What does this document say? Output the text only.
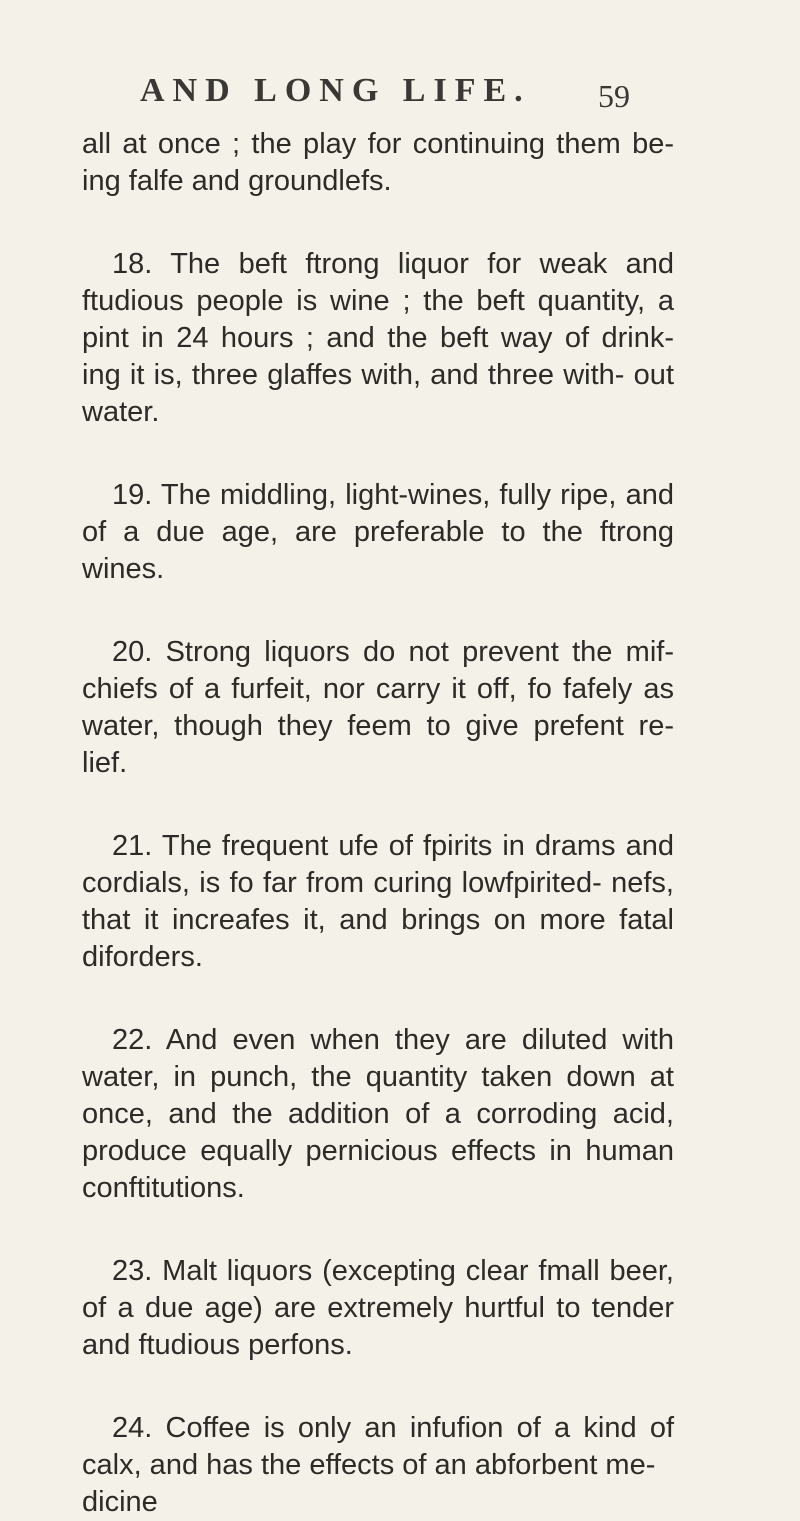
AND LONG LIFE. 59

all at once ; the play for continuing them be- ing falfe and groundlefs.

18. The beft ftrong liquor for weak and ftudious people is wine ; the beft quantity, a pint in 24 hours ; and the beft way of drink- ing it is, three glaffes with, and three with- out water.

19. The middling, light-wines, fully ripe, and of a due age, are preferable to the ftrong wines.

20. Strong liquors do not prevent the mif- chiefs of a furfeit, nor carry it off, fo fafely as water, though they feem to give prefent re- lief.

21. The frequent ufe of fpirits in drams and cordials, is fo far from curing lowfpirited- nefs, that it increafes it, and brings on more fatal diforders.

22. And even when they are diluted with water, in punch, the quantity taken down at once, and the addition of a corroding acid, produce equally pernicious effects in human conftitutions.

23. Malt liquors (excepting clear fmall beer, of a due age) are extremely hurtful to tender and ftudious perfons.

24. Coffee is only an infufion of a kind of calx, and has the effects of an abforbent me-
dicine
